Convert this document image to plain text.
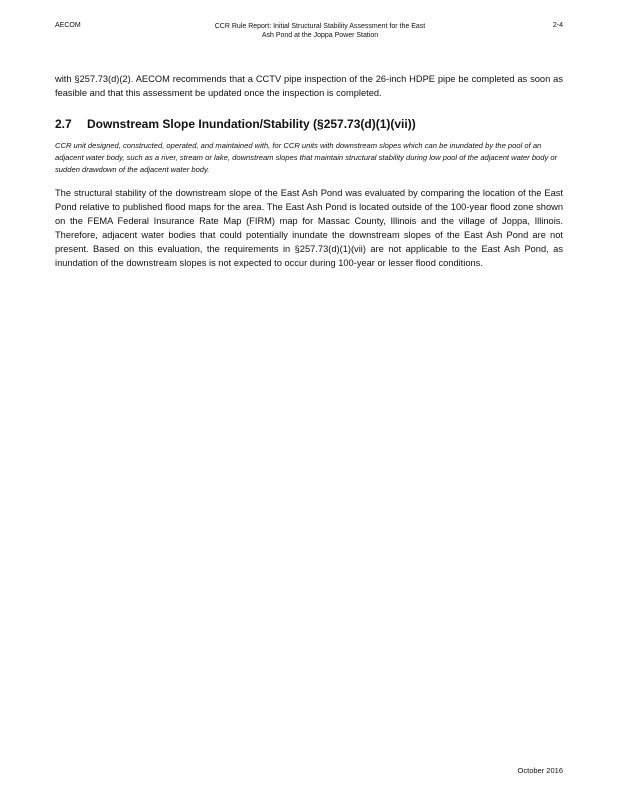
AECOM	CCR Rule Report: Initial Structural Stability Assessment for the East
Ash Pond at the Joppa Power Station
2-4

with §257.73(d)(2). AECOM recommends that a CCTV pipe inspection of the 26-inch HDPE pipe be completed as soon as feasible and that this assessment be updated once the inspection is completed.

2.7 Downstream Slope Inundation/Stability (§257.73(d)(1)(vii))

CCR unit designed, constructed, operated, and maintained with, for CCR units with downstream slopes which can be inundated by the pool of an adjacent water body, such as a river, stream or lake, downstream slopes that maintain structural stability during low pool of the adjacent water body or sudden drawdown of the adjacent water body.

The structural stability of the downstream slope of the East Ash Pond was evaluated by comparing the location of the East Pond relative to published flood maps for the area. The East Ash Pond is located outside of the 100-year flood zone shown on the FEMA Federal Insurance Rate Map (FIRM) map for Massac County, Illinois and the village of Joppa, Illinois. Therefore, adjacent water bodies that could potentially inundate the downstream slopes of the East Ash Pond are not present. Based on this evaluation, the requirements in §257.73(d)(1)(vii) are not applicable to the East Ash Pond, as inundation of the downstream slopes is not expected to occur during 100-year or lesser flood conditions.

October 2016
